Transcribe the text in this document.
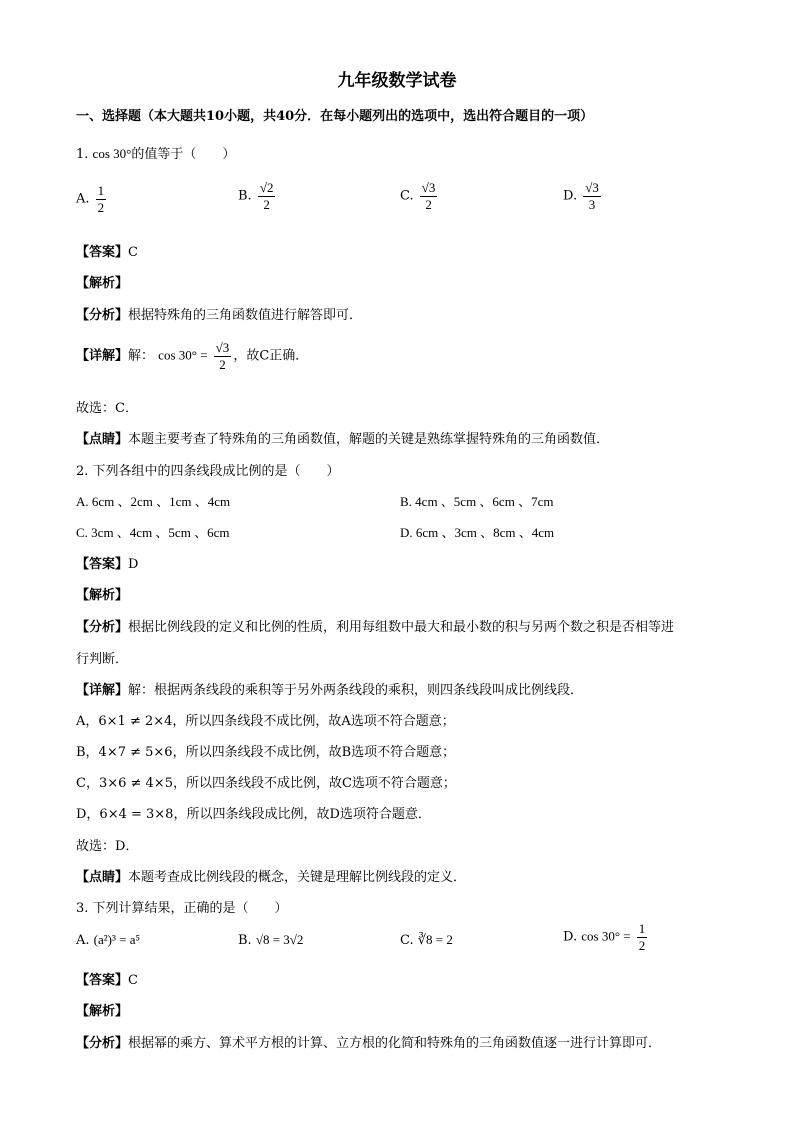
九年级数学试卷
一、选择题（本大题共10小题，共40分．在每小题列出的选项中，选出符合题目的一项）
1. cos 30°的值等于（　　）
A. $\frac{1}{2}$	B. $\frac{√2}{2}$	C. $\frac{√3}{2}$	D. $\frac{√3}{3}$
【答案】C
【解析】
【分析】根据特殊角的三角函数值进行解答即可．
【详解】解： $\cos 30^\circ = \frac{√3}{2}$ ，故C正确．
故选：C．
【点睛】本题主要考查了特殊角的三角函数值，解题的关键是熟练掌握特殊角的三角函数值．
2. 下列各组中的四条线段成比例的是（　　）
A. 6cm 、2cm 、1cm 、4cm	B. 4cm 、5cm 、6cm 、7cm
C. 3cm 、4cm 、5cm 、6cm	D. 6cm 、3cm 、8cm 、4cm
【答案】D
【解析】
【分析】根据比例线段的定义和比例的性质，利用每组数中最大和最小数的积与另两个数之积是否相等进
行判断．
【详解】解：根据两条线段的乘积等于另外两条线段的乘积，则四条线段叫成比例线段．
A，6×1 ≠ 2×4，所以四条线段不成比例，故A选项不符合题意；
B，4×7 ≠ 5×6，所以四条线段不成比例，故B选项不符合题意；
C，3×6 ≠ 4×5，所以四条线段不成比例，故C选项不符合题意；
D，6×4 = 3×8，所以四条线段成比例，故D选项符合题意．
故选：D．
【点睛】本题考查成比例线段的概念，关键是理解比例线段的定义．
3. 下列计算结果，正确的是（　　）
A. (a²)³ = a⁵	B. √8 = 3√2	C. ∛8 = 2	D. $\cos 30^\circ = \frac{1}{2}$
【答案】C
【解析】
【分析】根据幂的乘方、算术平方根的计算、立方根的化简和特殊角的三角函数值逐一进行计算即可．
